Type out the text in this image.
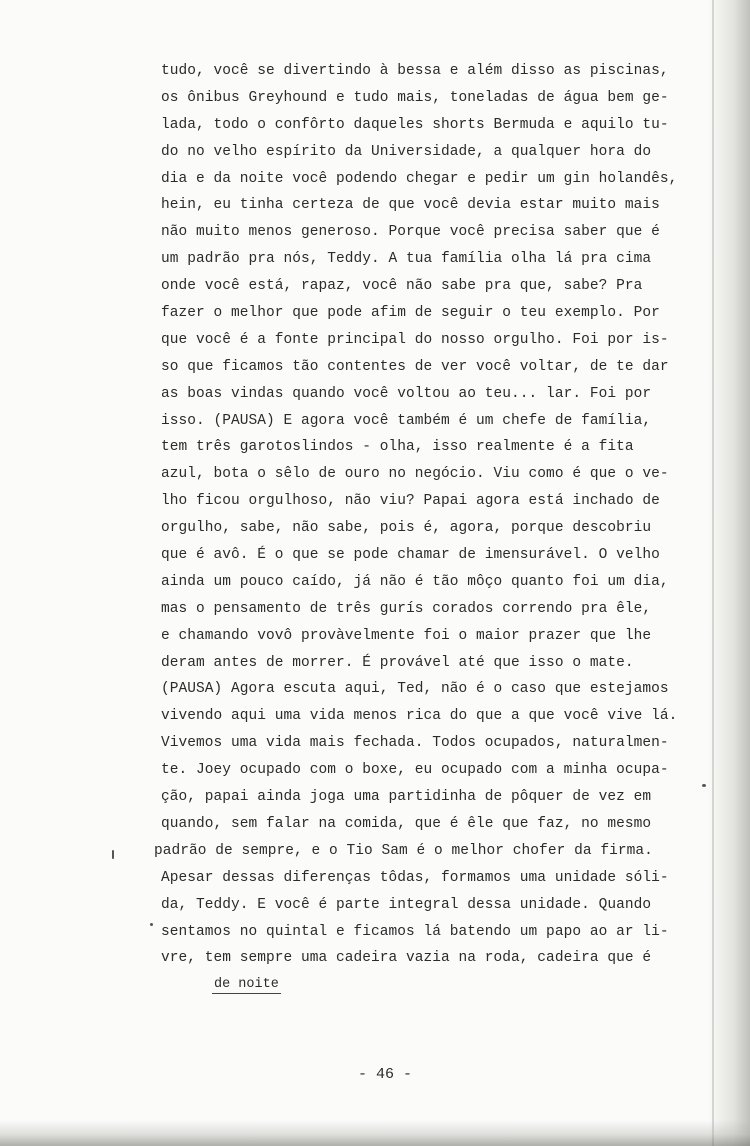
tudo, você se divertindo à bessa e além disso as piscinas,
os ônibus Greyhound e tudo mais, toneladas de água bem ge-
lada, todo o confôrto daqueles shorts Bermuda e aquilo tu-
do no velho espírito da Universidade, a qualquer hora do
dia e da noite você podendo chegar e pedir um gin holandês,
hein, eu tinha certeza de que você devia estar muito mais
não muito menos generoso. Porque você precisa saber que é
um padrão pra nós, Teddy. A tua família olha lá pra cima
onde você está, rapaz, você não sabe pra que, sabe? Pra
fazer o melhor que pode afim de seguir o teu exemplo. Por
que você é a fonte principal do nosso orgulho. Foi por is-
so que ficamos tão contentes de ver você voltar, de te dar
as boas vindas quando você voltou ao teu... lar. Foi por
isso. (PAUSA) E agora você também é um chefe de família,
tem três garotoslindos - olha, isso realmente é a fita
azul, bota o sêlo de ouro no negócio. Viu como é que o ve-
lho ficou orgulhoso, não viu? Papai agora está inchado de
orgulho, sabe, não sabe, pois é, agora, porque descobriu
que é avô. É o que se pode chamar de imensurável. O velho
ainda um pouco caído, já não é tão môço quanto foi um dia,
mas o pensamento de três gurís corados correndo pra êle,
e chamando vovô provàvelmente foi o maior prazer que lhe
deram antes de morrer. É provável até que isso o mate.
(PAUSA) Agora escuta aqui, Ted, não é o caso que estejamos
vivendo aqui uma vida menos rica do que a que você vive lá.
Vivemos uma vida mais fechada. Todos ocupados, naturalmen-
te. Joey ocupado com o boxe, eu ocupado com a minha ocupa-
ção, papai ainda joga uma partidinha de pôquer de vez em
quando, sem falar na comida, que é êle que faz, no mesmo
padrão de sempre, e o Tio Sam é o melhor chofer da firma.
Apesar dessas diferenças tôdas, formamos uma unidade sóli-
da, Teddy. E você é parte integral dessa unidade. Quando
sentamos no quintal e ficamos lá batendo um papo ao ar li-
vre, tem sempre uma cadeira vazia na roda, cadeira que é
de noite
- 46 -
